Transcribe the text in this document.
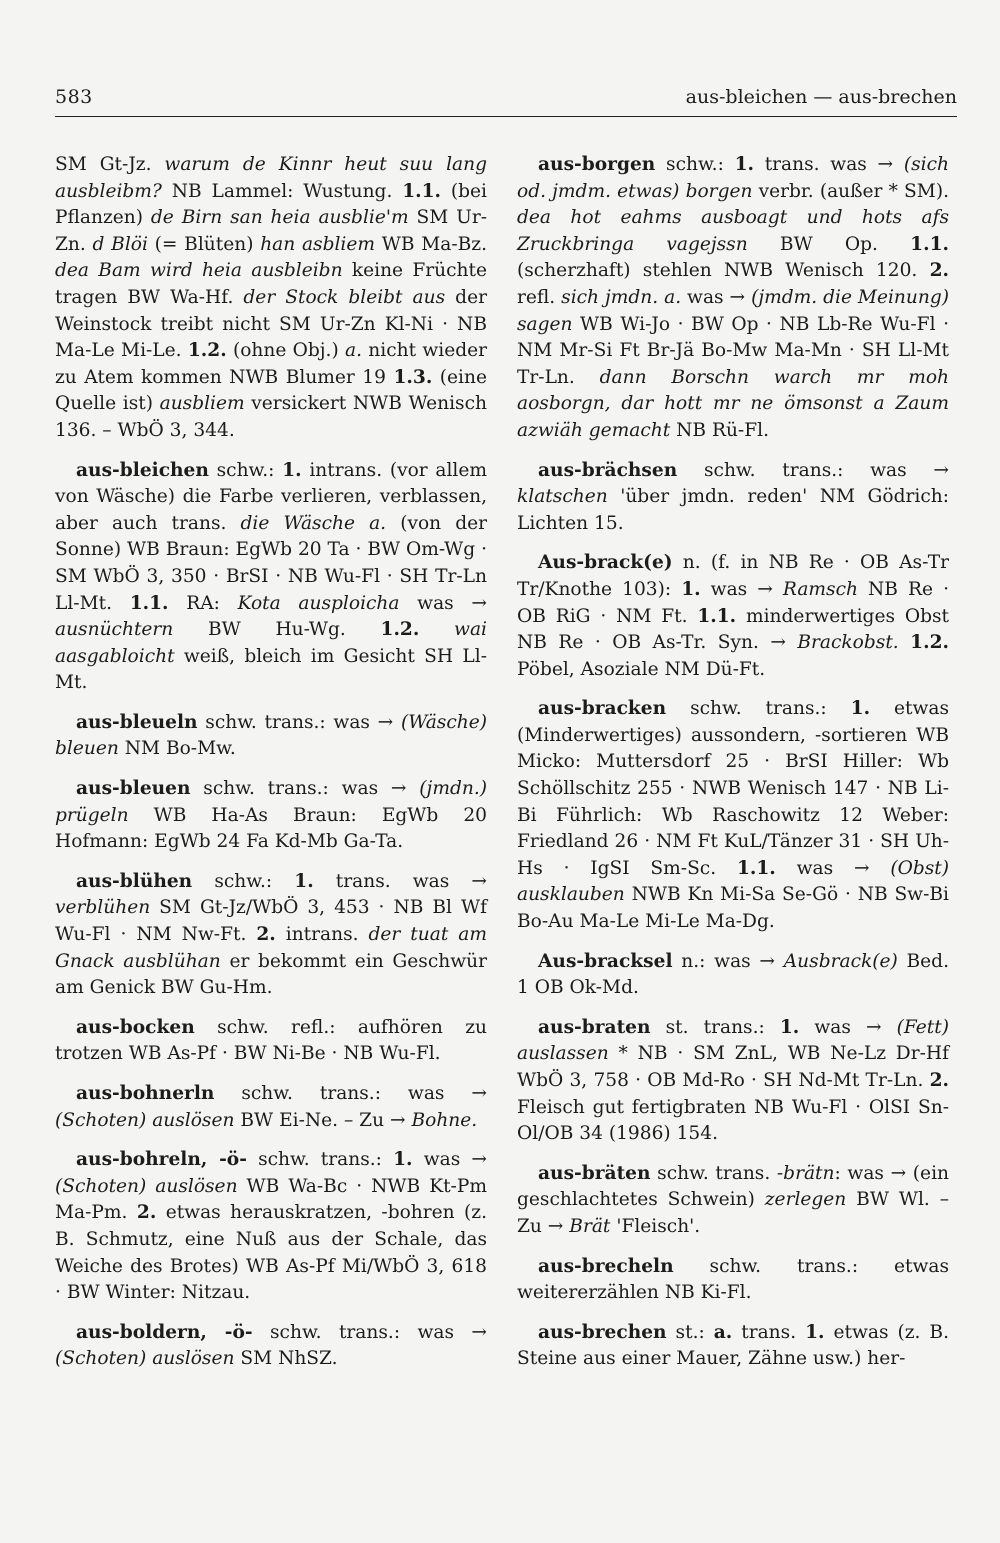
583	aus-bleichen — aus-brechen

SM Gt-Jz. warum de Kinnr heut suu lang ausbleibm? NB Lammel: Wustung. 1.1. (bei Pflanzen) de Birn san heia ausblie'm SM Ur-Zn. d Blöi (= Blüten) han asbliem WB Ma-Bz. dea Bam wird heia ausbleibn keine Früchte tragen BW Wa-Hf. der Stock bleibt aus der Weinstock treibt nicht SM Ur-Zn Kl-Ni · NB Ma-Le Mi-Le. 1.2. (ohne Obj.) a. nicht wieder zu Atem kommen NWB Blumer 19 1.3. (eine Quelle ist) ausbliem versickert NWB Wenisch 136. – WbÖ 3, 344.

aus-bleichen schw.: 1. intrans. (vor allem von Wäsche) die Farbe verlieren, verblassen, aber auch trans. die Wäsche a. (von der Sonne) WB Braun: EgWb 20 Ta · BW Om-Wg · SM WbÖ 3, 350 · BrSI · NB Wu-Fl · SH Tr-Ln Ll-Mt. 1.1. RA: Kota ausploicha was → ausnüchtern BW Hu-Wg. 1.2. wai aasgabloicht weiß, bleich im Gesicht SH Ll-Mt.

aus-bleueln schw. trans.: was → (Wäsche) bleuen NM Bo-Mw.

aus-bleuen schw. trans.: was → (jmdn.) prügeln WB Ha-As Braun: EgWb 20 Hofmann: EgWb 24 Fa Kd-Mb Ga-Ta.

aus-blühen schw.: 1. trans. was → verblühen SM Gt-Jz/WbÖ 3, 453 · NB Bl Wf Wu-Fl · NM Nw-Ft. 2. intrans. der tuat am Gnack ausblühan er bekommt ein Geschwür am Genick BW Gu-Hm.

aus-bocken schw. refl.: aufhören zu trotzen WB As-Pf · BW Ni-Be · NB Wu-Fl.

aus-bohnerln schw. trans.: was → (Schoten) auslösen BW Ei-Ne. – Zu → Bohne.

aus-bohreln, -ö- schw. trans.: 1. was → (Schoten) auslösen WB Wa-Bc · NWB Kt-Pm Ma-Pm. 2. etwas herauskratzen, -bohren (z. B. Schmutz, eine Nuß aus der Schale, das Weiche des Brotes) WB As-Pf Mi/WbÖ 3, 618 · BW Winter: Nitzau.

aus-boldern, -ö- schw. trans.: was → (Schoten) auslösen SM NhSZ.

aus-borgen schw.: 1. trans. was → (sich od. jmdm. etwas) borgen verbr. (außer * SM). dea hot eahms ausboagt und hots afs Zruckbringa vagejssn BW Op. 1.1. (scherzhaft) stehlen NWB Wenisch 120. 2. refl. sich jmdn. a. was → (jmdm. die Meinung) sagen WB Wi-Jo · BW Op · NB Lb-Re Wu-Fl · NM Mr-Si Ft Br-Jä Bo-Mw Ma-Mn · SH Ll-Mt Tr-Ln. dann Borschn warch mr moh aosborgn, dar hott mr ne ömsonst a Zaum azwiäh gemacht NB Rü-Fl.

aus-brächsen schw. trans.: was → klatschen 'über jmdn. reden' NM Gödrich: Lichten 15.

Aus-brack(e) n. (f. in NB Re · OB As-Tr Tr/Knothe 103): 1. was → Ramsch NB Re · OB RiG · NM Ft. 1.1. minderwertiges Obst NB Re · OB As-Tr. Syn. → Brackobst. 1.2. Pöbel, Asoziale NM Dü-Ft.

aus-bracken schw. trans.: 1. etwas (Minderwertiges) aussondern, -sortieren WB Micko: Muttersdorf 25 · BrSI Hiller: Wb Schöllschitz 255 · NWB Wenisch 147 · NB Li-Bi Führlich: Wb Raschowitz 12 Weber: Friedland 26 · NM Ft KuL/Tänzer 31 · SH Uh-Hs · IgSI Sm-Sc. 1.1. was → (Obst) ausklauben NWB Kn Mi-Sa Se-Gö · NB Sw-Bi Bo-Au Ma-Le Mi-Le Ma-Dg.

Aus-bracksel n.: was → Ausbrack(e) Bed. 1 OB Ok-Md.

aus-braten st. trans.: 1. was → (Fett) auslassen * NB · SM ZnL, WB Ne-Lz Dr-Hf WbÖ 3, 758 · OB Md-Ro · SH Nd-Mt Tr-Ln. 2. Fleisch gut fertigbraten NB Wu-Fl · OlSI Sn-Ol/OB 34 (1986) 154.

aus-bräten schw. trans. -brätn: was → (ein geschlachtetes Schwein) zerlegen BW Wl. – Zu → Brät 'Fleisch'.

aus-brecheln schw. trans.: etwas weitererzählen NB Ki-Fl.

aus-brechen st.: a. trans. 1. etwas (z. B. Steine aus einer Mauer, Zähne usw.) her-
